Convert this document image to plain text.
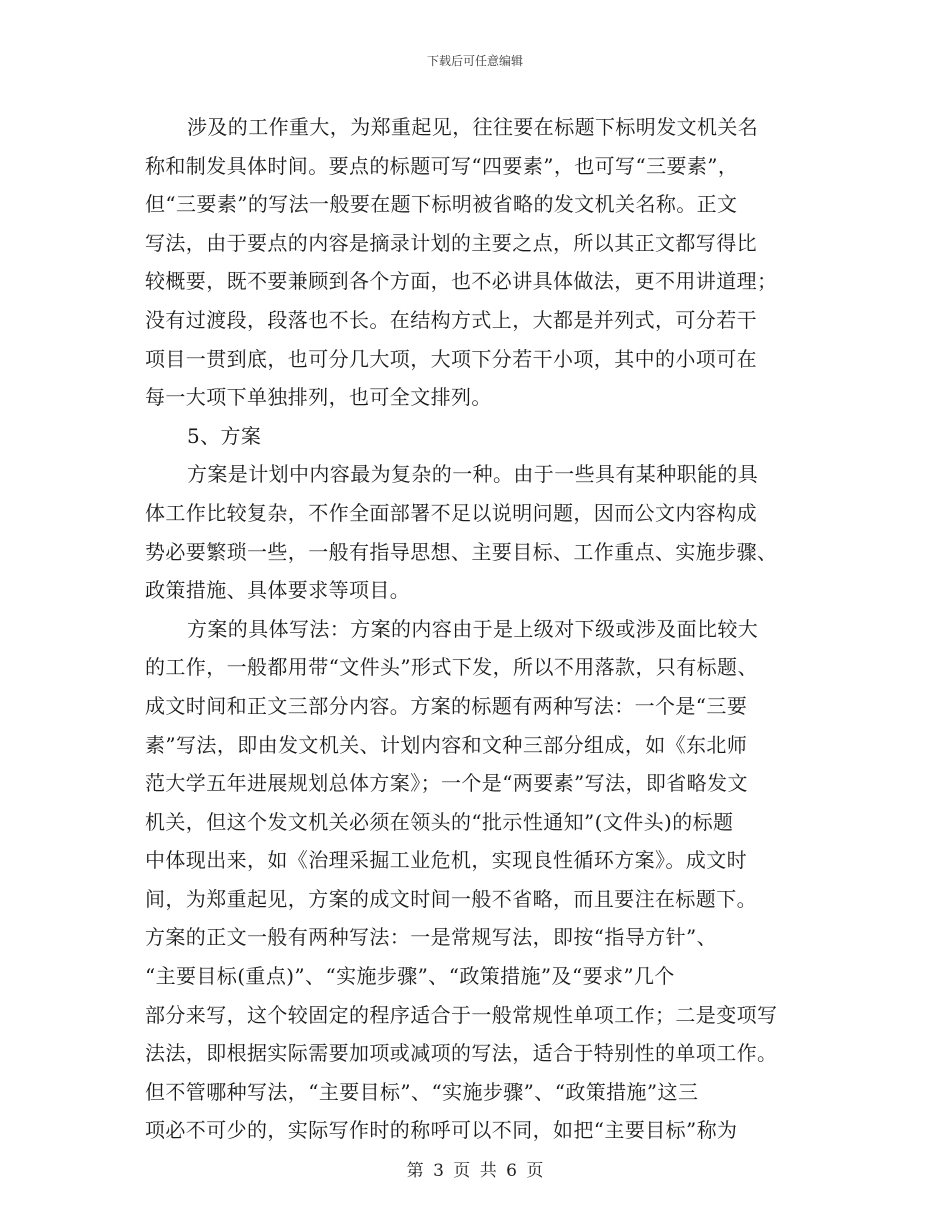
下载后可任意编辑
涉及的工作重大，为郑重起见，往往要在标题下标明发文机关名
称和制发具体时间。要点的标题可写“四要素”，也可写“三要素”，
但“三要素”的写法一般要在题下标明被省略的发文机关名称。正文
写法，由于要点的内容是摘录计划的主要之点，所以其正文都写得比
较概要，既不要兼顾到各个方面，也不必讲具体做法，更不用讲道理；
没有过渡段，段落也不长。在结构方式上，大都是并列式，可分若干
项目一贯到底，也可分几大项，大项下分若干小项，其中的小项可在
每一大项下单独排列，也可全文排列。
5、方案
方案是计划中内容最为复杂的一种。由于一些具有某种职能的具
体工作比较复杂，不作全面部署不足以说明问题，因而公文内容构成
势必要繁琐一些，一般有指导思想、主要目标、工作重点、实施步骤、
政策措施、具体要求等项目。
方案的具体写法：方案的内容由于是上级对下级或涉及面比较大
的工作，一般都用带“文件头”形式下发，所以不用落款，只有标题、
成文时间和正文三部分内容。方案的标题有两种写法：一个是“三要
素”写法，即由发文机关、计划内容和文种三部分组成，如《东北师
范大学五年进展规划总体方案》；一个是“两要素”写法，即省略发文
机关，但这个发文机关必须在领头的“批示性通知”(文件头)的标题
中体现出来，如《治理采掘工业危机，实现良性循环方案》。成文时
间，为郑重起见，方案的成文时间一般不省略，而且要注在标题下。
方案的正文一般有两种写法：一是常规写法，即按“指导方针”、
“主要目标(重点)”、“实施步骤”、“政策措施”及“要求”几个
部分来写，这个较固定的程序适合于一般常规性单项工作；二是变项写
法法，即根据实际需要加项或减项的写法，适合于特别性的单项工作。
但不管哪种写法，“主要目标”、“实施步骤”、“政策措施”这三
项必不可少的，实际写作时的称呼可以不同，如把“主要目标”称为
第 3 页 共 6 页
